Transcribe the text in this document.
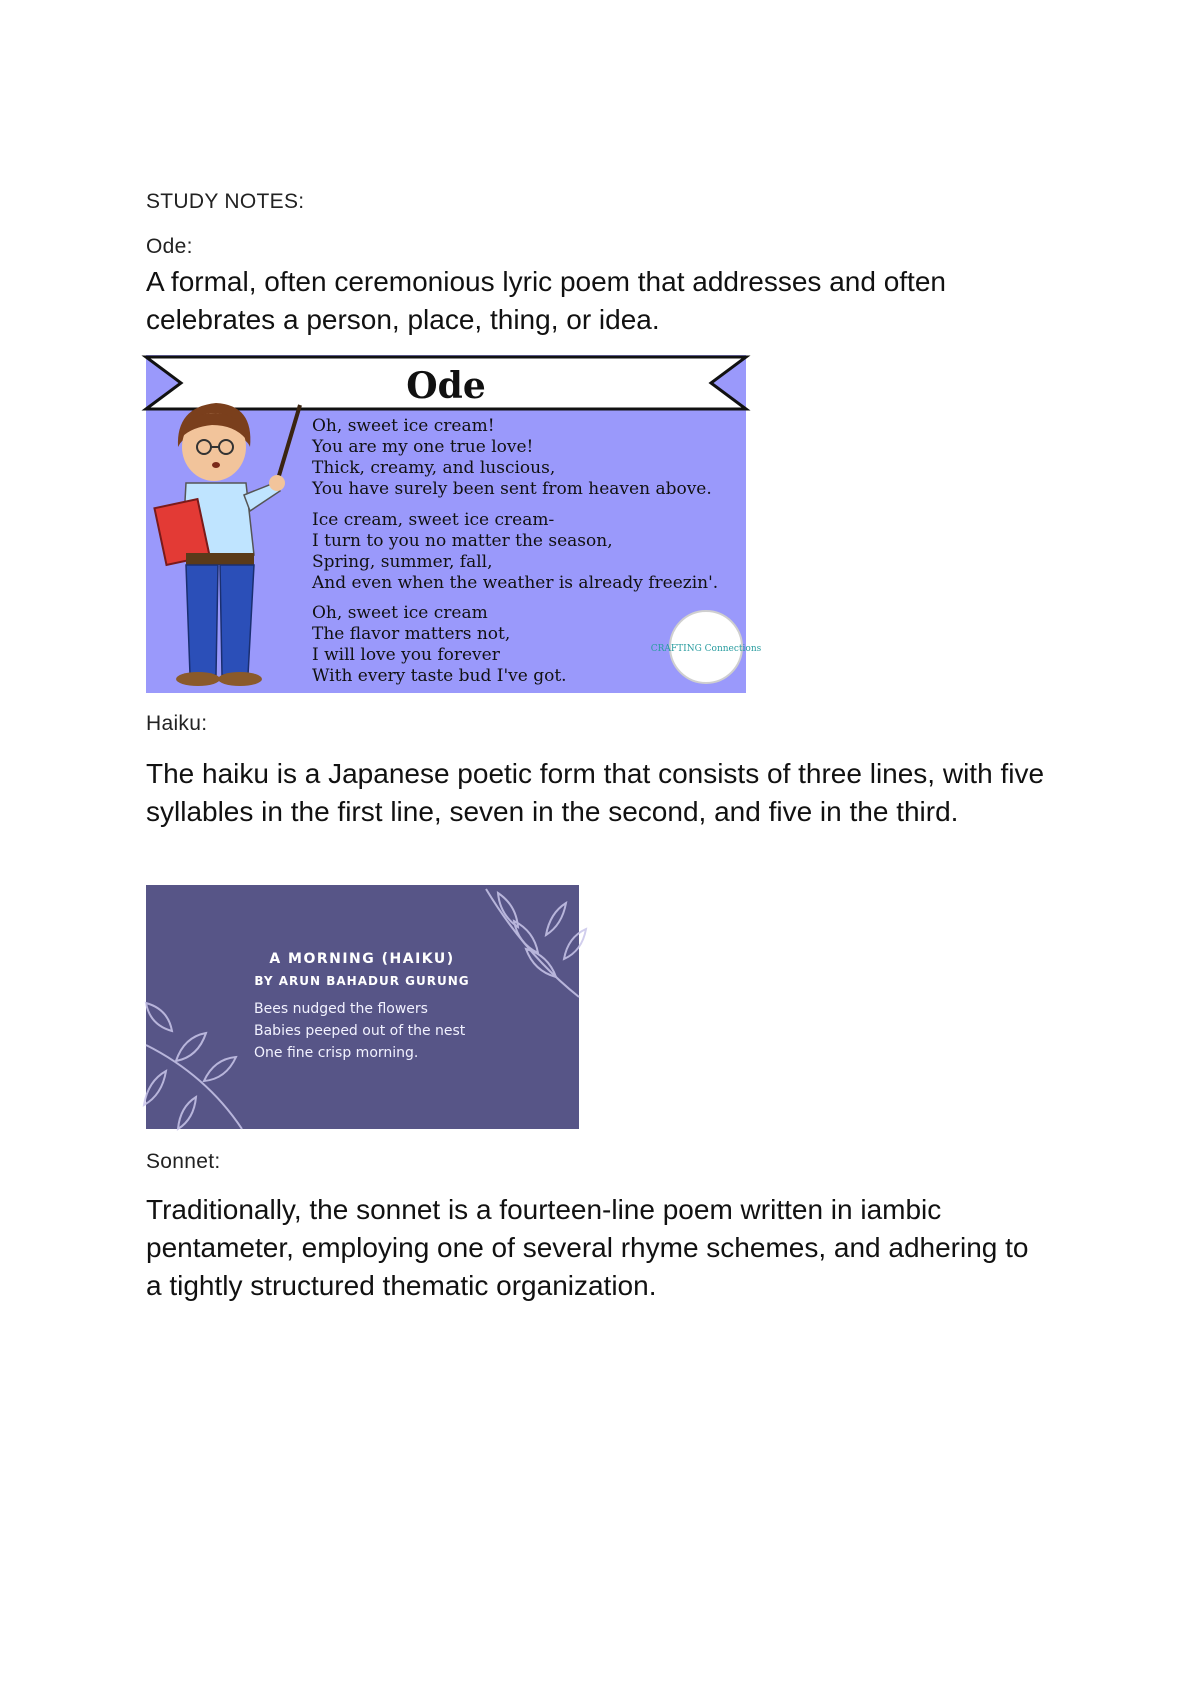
STUDY NOTES:
Ode:
A formal, often ceremonious lyric poem that addresses and often celebrates a person, place, thing, or idea.
Ode
Oh, sweet ice cream!
You are my one true love!
Thick, creamy, and luscious,
You have surely been sent from heaven above.
Ice cream, sweet ice cream-
I turn to you no matter the season,
Spring, summer, fall,
And even when the weather is already freezin'.
Oh, sweet ice cream
The flavor matters not,
I will love you forever
With every taste bud I've got.
CRAFTING Connections
Haiku:
The haiku is a Japanese poetic form that consists of three lines, with five syllables in the first line, seven in the second, and five in the third.
A MORNING (HAIKU)
BY ARUN BAHADUR GURUNG
Bees nudged the flowers
Babies peeped out of the nest
One fine crisp morning.
Sonnet:
Traditionally, the sonnet is a fourteen-line poem written in iambic pentameter, employing one of several rhyme schemes, and adhering to a tightly structured thematic organization.
